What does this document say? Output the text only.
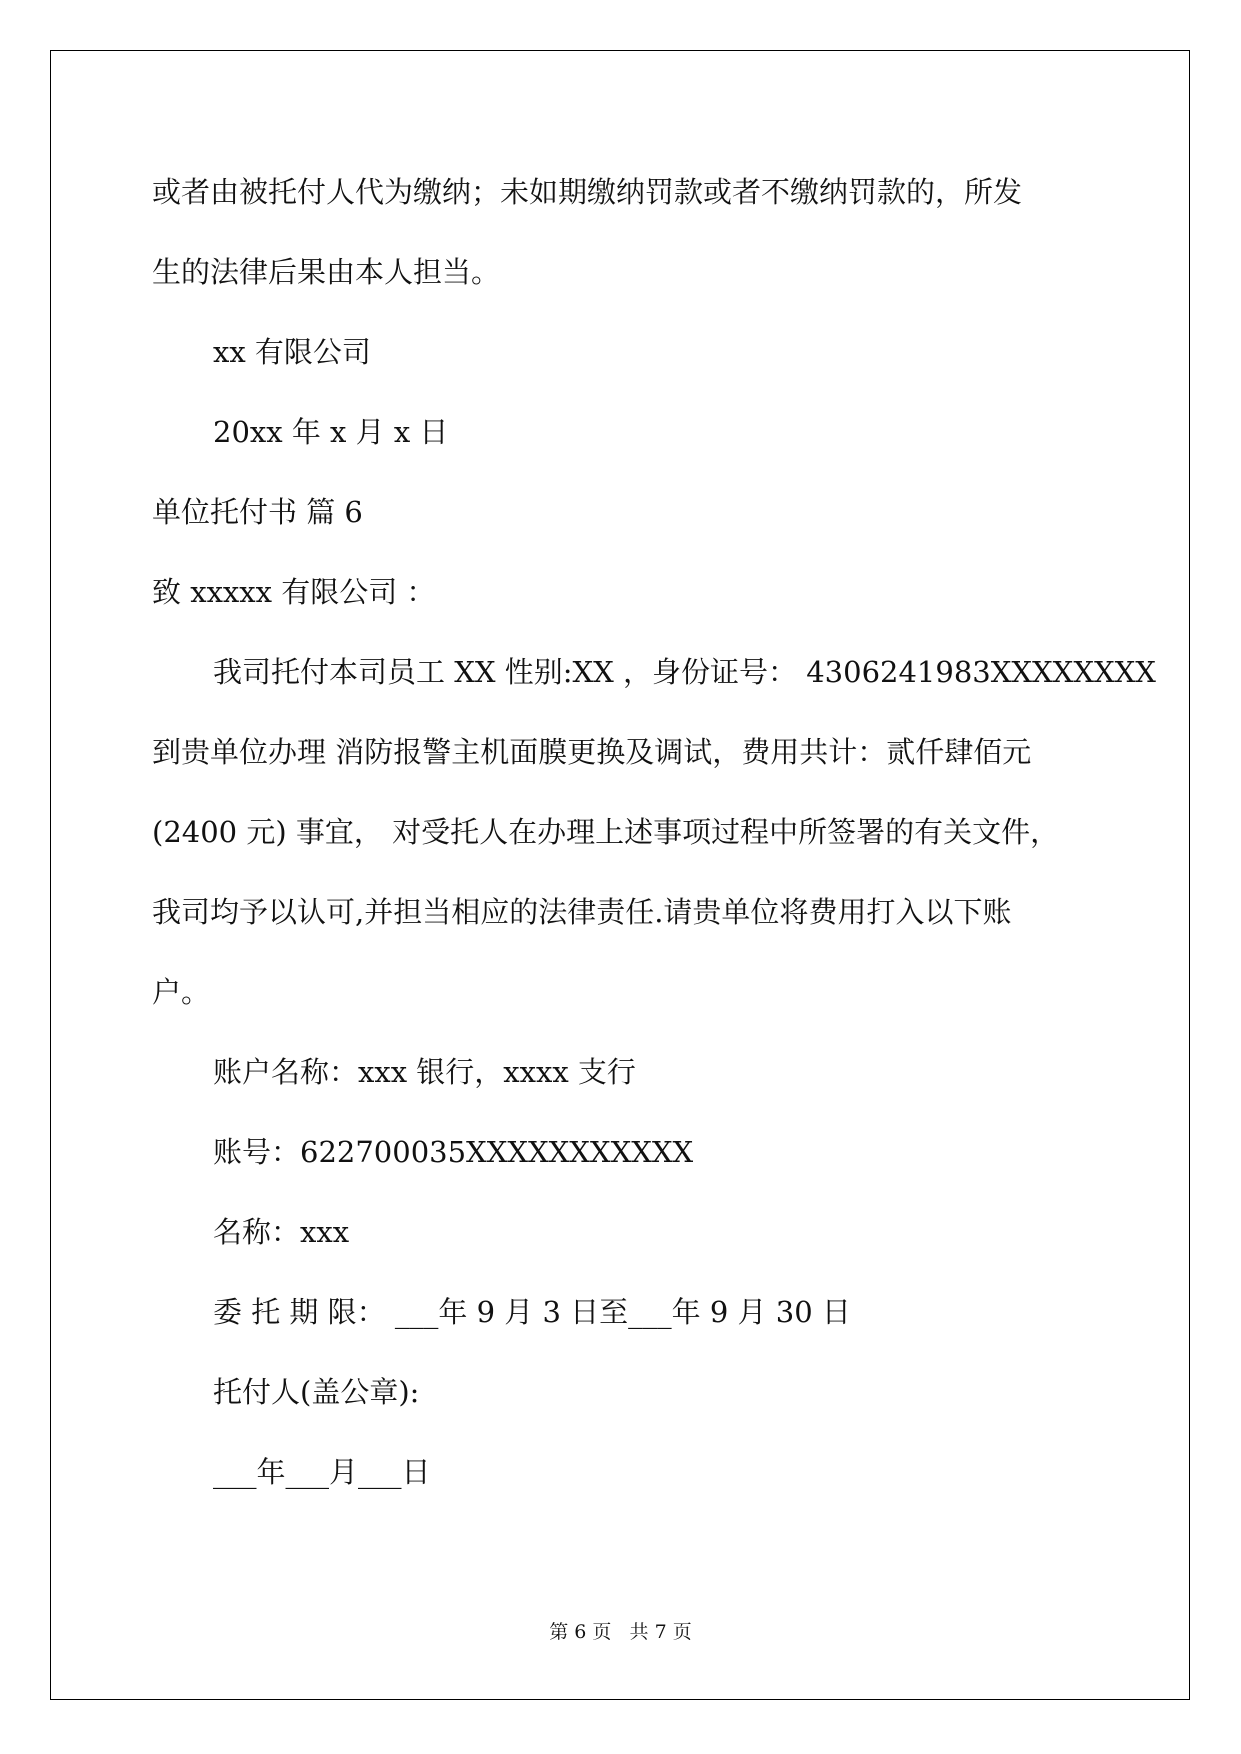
或者由被托付人代为缴纳；未如期缴纳罚款或者不缴纳罚款的，所发

生的法律后果由本人担当。

xx 有限公司

20xx 年 x 月 x 日

单位托付书 篇 6

致 xxxxx 有限公司 ：

我司托付本司员工 XX 性别:XX ，身份证号： 4306241983XXXXXXXX

到贵单位办理 消防报警主机面膜更换及调试，费用共计：贰仟肆佰元

(2400 元) 事宜， 对受托人在办理上述事项过程中所签署的有关文件，

我司均予以认可,并担当相应的法律责任.请贵单位将费用打入以下账

户。

账户名称：xxx 银行，xxxx 支行

账号：622700035XXXXXXXXXXX

名称：xxx

委 托 期 限： ___年 9 月 3 日至___年 9 月 30 日

托付人(盖公章):

___年___月___日

第 6 页   共 7 页
